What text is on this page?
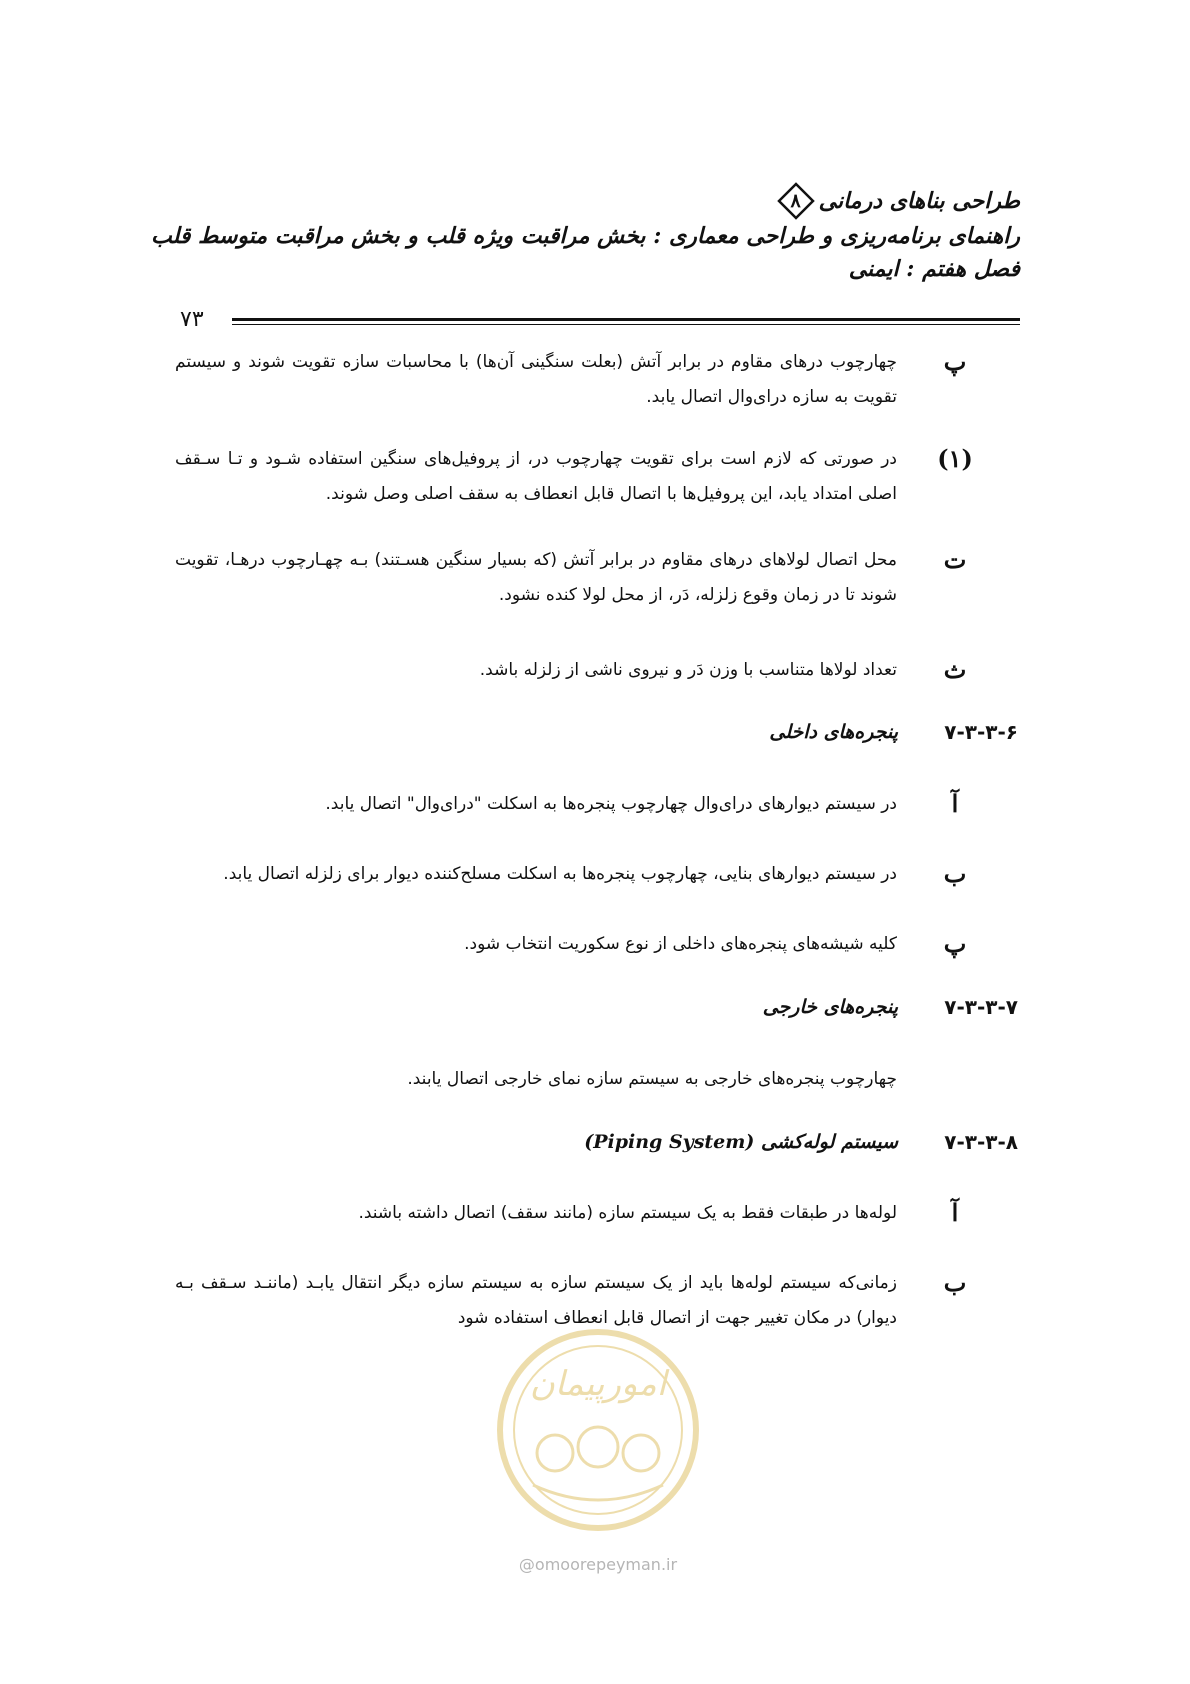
طراحی بناهای درمانی
۸
راهنمای برنامه‌ریزی و طراحی معماری : بخش مراقبت ویژه قلب و بخش مراقبت متوسط قلب
فصل هفتم : ایمنی
۷۳
پ
چهارچوب درهای مقاوم در برابر آتش (بعلت سنگینی آن‌ها) با محاسبات سازه تقویت شوند و سیستم تقویت به سازه درای‌وال اتصال یابد.
(۱)
در صورتی که لازم است برای تقویت چهارچوب در، از پروفیل‌های سنگین استفاده شـود و تـا سـقف اصلی امتداد یابد، این پروفیل‌ها با اتصال قابل انعطاف به سقف اصلی وصل شوند.
ت
محل اتصال لولاهای درهای مقاوم در برابر آتش (که بسیار سنگین هسـتند) بـه چهـارچوب درهـا، تقویت شوند تا در زمان وقوع زلزله، دَر، از محل لولا کنده نشود.
ث
تعداد لولاها متناسب با وزن دَر و نیروی ناشی از زلزله باشد.
۷-۳-۳-۶
پنجره‌های داخلی
آ
در سیستم دیوارهای درای‌وال چهارچوب پنجره‌ها به اسکلت "درای‌وال" اتصال یابد.
ب
در سیستم دیوارهای بنایی، چهارچوب پنجره‌ها به اسکلت مسلح‌کننده دیوار برای زلزله اتصال یابد.
پ
کلیه شیشه‌های پنجره‌های داخلی از نوع سکوریت انتخاب شود.
۷-۳-۳-۷
پنجره‌های خارجی
چهارچوب پنجره‌های خارجی به سیستم سازه نمای خارجی اتصال یابند.
۷-۳-۳-۸
سیستم لوله‌کشی (Piping System)
آ
لوله‌ها در طبقات فقط به یک سیستم سازه (مانند سقف) اتصال داشته باشند.
ب
زمانی‌که سیستم لوله‌ها باید از یک سیستم سازه به سیستم سازه دیگر انتقال یابـد (ماننـد سـقف بـه دیوار) در مکان تغییر جهت از اتصال قابل انعطاف استفاده شود
امورپیمان
@omoorepeyman.ir
